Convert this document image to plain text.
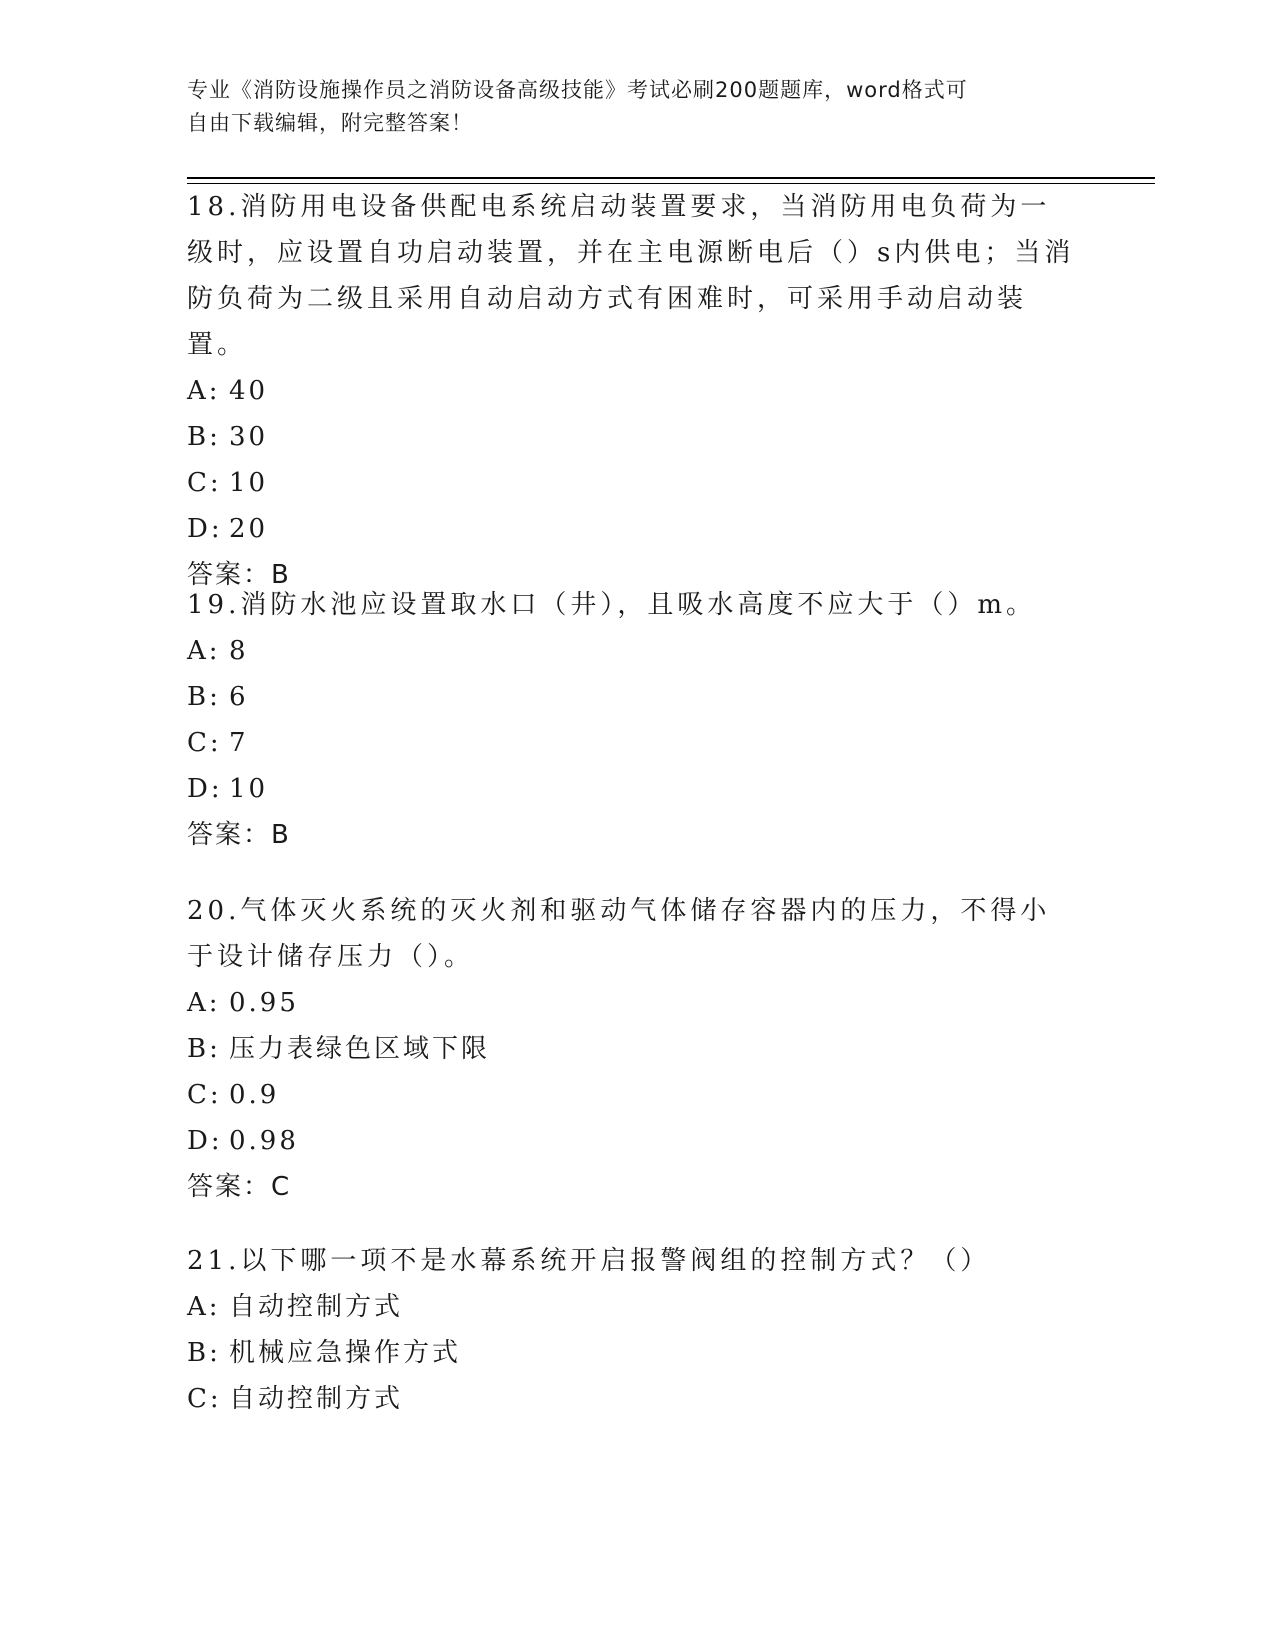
专业《消防设施操作员之消防设备高级技能》考试必刷200题题库，word格式可
自由下载编辑，附完整答案！

18.消防用电设备供配电系统启动装置要求，当消防用电负荷为一级时，应设置自功启动装置，并在主电源断电后（）s内供电；当消防负荷为二级且采用自动启动方式有困难时，可采用手动启动装置。

A: 40

B: 30

C: 10

D: 20

答案：B

19.消防水池应设置取水口（井），且吸水高度不应大于（）m。

A: 8

B: 6

C: 7

D: 10

答案：B

20.气体灭火系统的灭火剂和驱动气体储存容器内的压力，不得小于设计储存压力（）。

A: 0.95

B: 压力表绿色区域下限

C: 0.9

D: 0.98

答案：C

21.以下哪一项不是水幕系统开启报警阀组的控制方式？（）

A: 自动控制方式

B: 机械应急操作方式

C: 自动控制方式
